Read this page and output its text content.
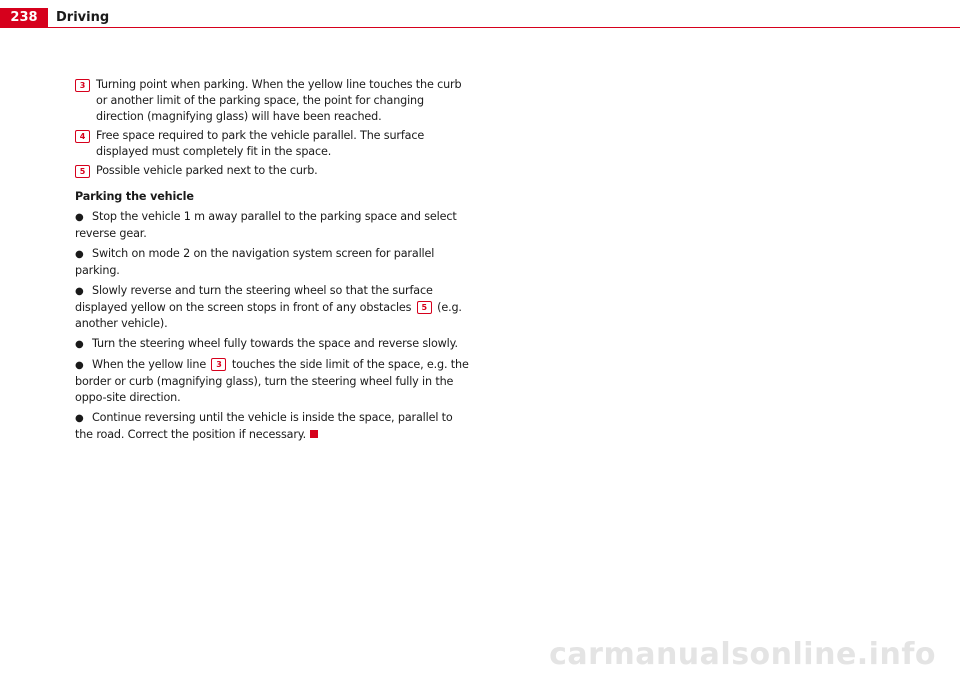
238	Driving
3 Turning point when parking. When the yellow line touches the curb or another limit of the parking space, the point for changing direction (magnifying glass) will have been reached.
4 Free space required to park the vehicle parallel. The surface displayed must completely fit in the space.
5 Possible vehicle parked next to the curb.
Parking the vehicle
● Stop the vehicle 1 m away parallel to the parking space and select reverse gear.
● Switch on mode 2 on the navigation system screen for parallel parking.
● Slowly reverse and turn the steering wheel so that the surface displayed yellow on the screen stops in front of any obstacles 5 (e.g. another vehicle).
● Turn the steering wheel fully towards the space and reverse slowly.
● When the yellow line 3 touches the side limit of the space, e.g. the border or curb (magnifying glass), turn the steering wheel fully in the oppo-site direction.
● Continue reversing until the vehicle is inside the space, parallel to the road. Correct the position if necessary.
carmanualsonline.info
